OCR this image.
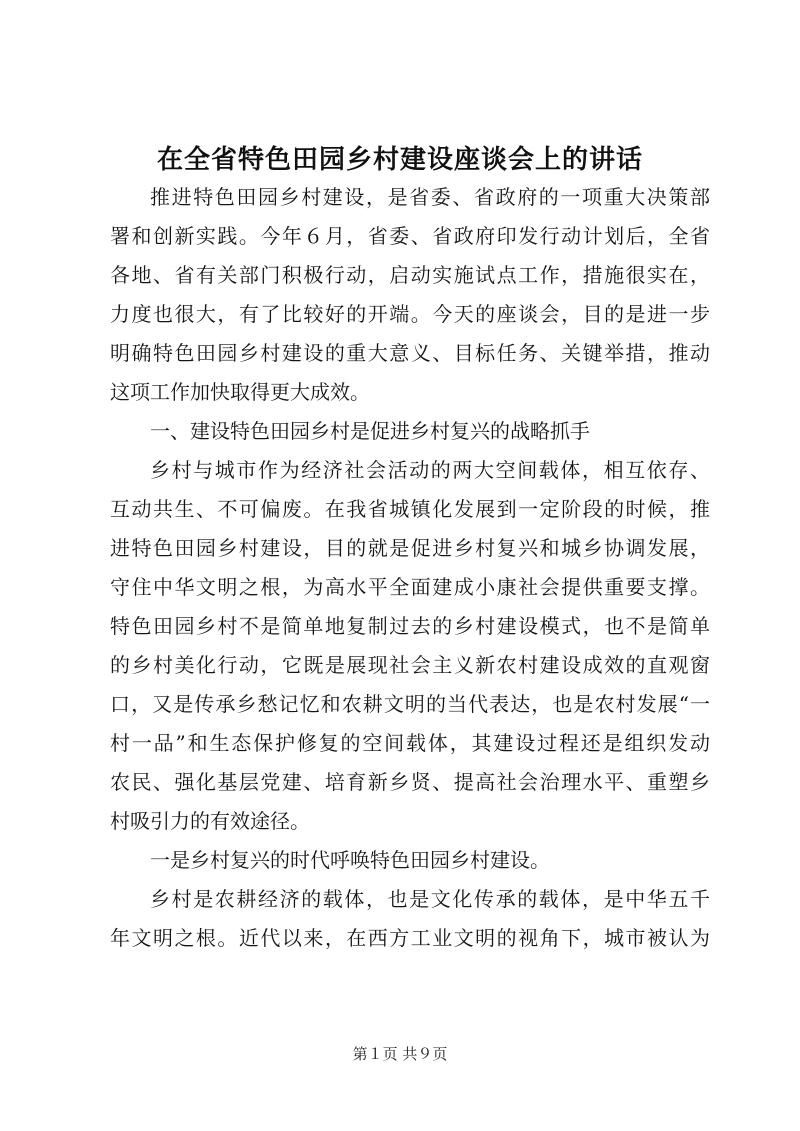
在全省特色田园乡村建设座谈会上的讲话
推进特色田园乡村建设，是省委、省政府的一项重大决策部
署和创新实践。今年６月，省委、省政府印发行动计划后，全省
各地、省有关部门积极行动，启动实施试点工作，措施很实在，
力度也很大，有了比较好的开端。今天的座谈会，目的是进一步
明确特色田园乡村建设的重大意义、目标任务、关键举措，推动
这项工作加快取得更大成效。
一、建设特色田园乡村是促进乡村复兴的战略抓手
乡村与城市作为经济社会活动的两大空间载体，相互依存、
互动共生、不可偏废。在我省城镇化发展到一定阶段的时候，推
进特色田园乡村建设，目的就是促进乡村复兴和城乡协调发展，
守住中华文明之根，为高水平全面建成小康社会提供重要支撑。
特色田园乡村不是简单地复制过去的乡村建设模式，也不是简单
的乡村美化行动，它既是展现社会主义新农村建设成效的直观窗
口，又是传承乡愁记忆和农耕文明的当代表达，也是农村发展“一
村一品”和生态保护修复的空间载体，其建设过程还是组织发动
农民、强化基层党建、培育新乡贤、提高社会治理水平、重塑乡
村吸引力的有效途径。
一是乡村复兴的时代呼唤特色田园乡村建设。
乡村是农耕经济的载体，也是文化传承的载体，是中华五千
年文明之根。近代以来，在西方工业文明的视角下，城市被认为
第１页 共９页
